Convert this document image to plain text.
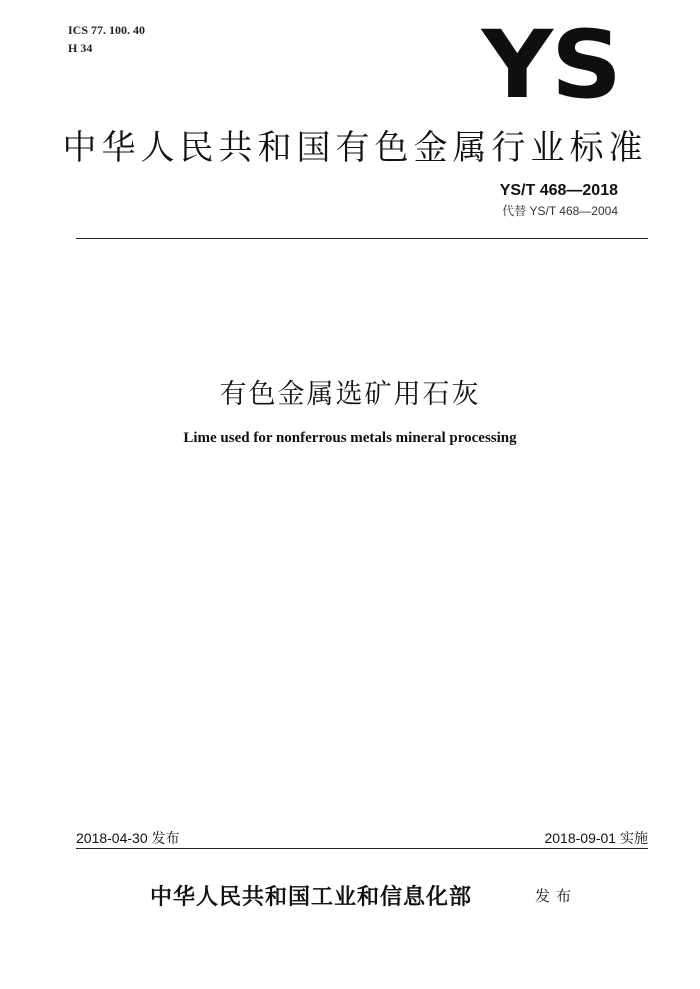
ICS 77. 100. 40
H 34	YS
中华人民共和国有色金属行业标准
YS/T 468—2018
代替 YS/T 468—2004
有色金属选矿用石灰
Lime used for nonferrous metals mineral processing
2018-04-30 发布	2018-09-01 实施
中华人民共和国工业和信息化部	发布
